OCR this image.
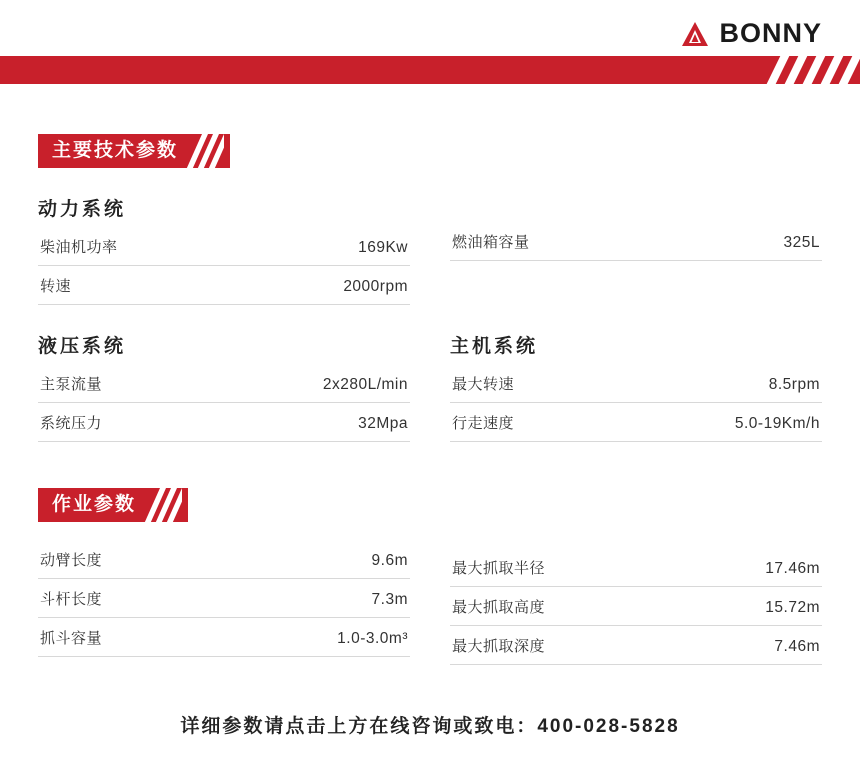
BONNY
主要技术参数
动力系统
柴油机功率	169Kw
转速	2000rpm

燃油箱容量	325L
液压系统
主泵流量	2x280L/min
系统压力	32Mpa
主机系统
最大转速	8.5rpm
行走速度	5.0-19Km/h
作业参数
动臂长度	9.6m
斗杆长度	7.3m
抓斗容量	1.0-3.0m³
最大抓取半径	17.46m
最大抓取高度	15.72m
最大抓取深度	7.46m
详细参数请点击上方在线咨询或致电：400-028-5828
